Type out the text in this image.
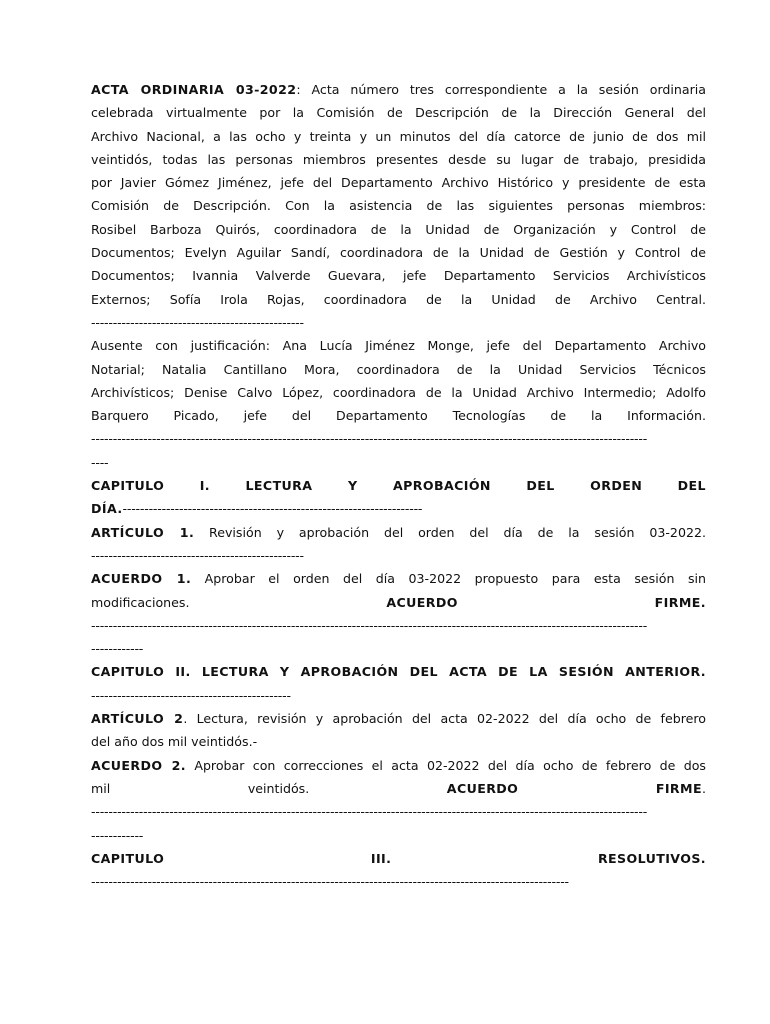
ACTA ORDINARIA 03-2022: Acta número tres correspondiente a la sesión ordinaria
celebrada virtualmente por la Comisión de Descripción de la Dirección General del
Archivo Nacional, a las ocho y treinta y un minutos del día catorce de junio de dos mil
veintidós, todas las personas miembros presentes desde su lugar de trabajo, presidida
por Javier Gómez Jiménez, jefe del Departamento Archivo Histórico y presidente de esta
Comisión de Descripción. Con la asistencia de las siguientes personas miembros:
Rosibel Barboza Quirós, coordinadora de la Unidad de Organización y Control de
Documentos; Evelyn Aguilar Sandí, coordinadora de la Unidad de Gestión y Control de
Documentos; Ivannia Valverde Guevara, jefe Departamento Servicios Archivísticos
Externos; Sofía Irola Rojas, coordinadora de la Unidad de Archivo Central.
-------------------------------------------------
Ausente con justificación: Ana Lucía Jiménez Monge, jefe del Departamento Archivo
Notarial; Natalia Cantillano Mora, coordinadora de la Unidad Servicios Técnicos
Archivísticos; Denise Calvo López, coordinadora de la Unidad Archivo Intermedio; Adolfo
Barquero Picado, jefe del Departamento Tecnologías de la Información.
--------------------------------------------------------------------------------------------------------------------------------
----
CAPITULO	I.	LECTURA	Y	APROBACIÓN	DEL	ORDEN	DEL
DÍA.---------------------------------------------------------------------
ARTÍCULO 1. Revisión y aprobación del orden del día de la sesión 03-2022.
-------------------------------------------------
ACUERDO 1. Aprobar el orden del día 03-2022 propuesto para esta sesión sin
modificaciones.	ACUERDO	FIRME.
--------------------------------------------------------------------------------------------------------------------------------
------------
CAPITULO II. LECTURA Y APROBACIÓN DEL ACTA DE LA SESIÓN ANTERIOR.
----------------------------------------------
ARTÍCULO 2. Lectura, revisión y aprobación del acta 02-2022 del día ocho de febrero
del año dos mil veintidós.-
ACUERDO 2. Aprobar con correcciones el acta 02-2022 del día ocho de febrero de dos
mil	veintidós.	ACUERDO	FIRME.
--------------------------------------------------------------------------------------------------------------------------------
------------
CAPITULO	III.	RESOLUTIVOS.
--------------------------------------------------------------------------------------------------------------
